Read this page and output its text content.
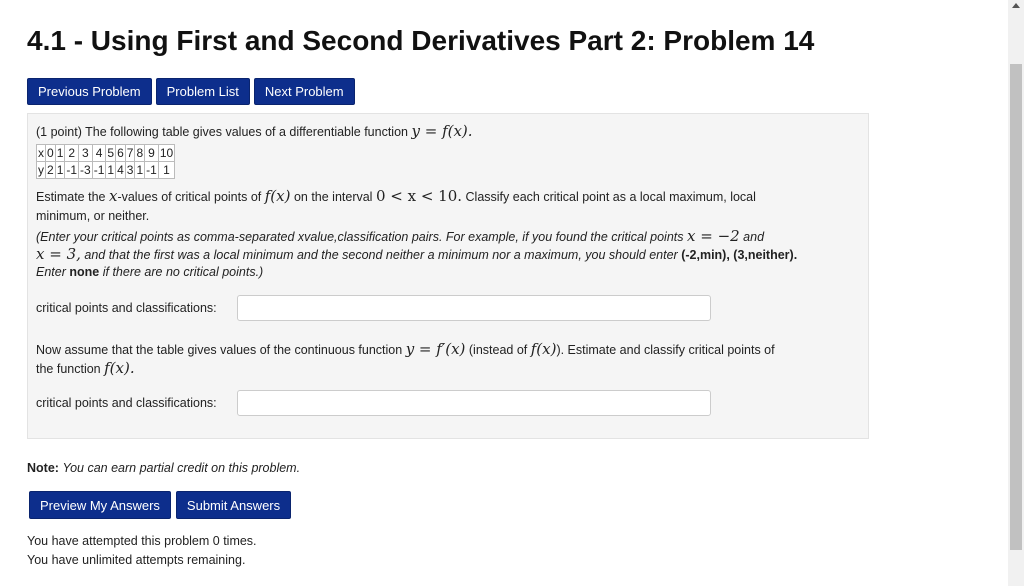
4.1 - Using First and Second Derivatives Part 2: Problem 14
Previous Problem	Problem List	Next Problem
(1 point) The following table gives values of a differentiable function y = f(x).
x	0	1	2	3	4	5	6	7	8	9	10
y	2	1	-1	-3	-1	1	4	3	1	-1	1
Estimate the x-values of critical points of f(x) on the interval 0 < x < 10. Classify each critical point as a local maximum, local
minimum, or neither.
(Enter your critical points as comma-separated xvalue,classification pairs. For example, if you found the critical points x = −2 and
x = 3, and that the first was a local minimum and the second neither a minimum nor a maximum, you should enter (-2,min), (3,neither).
Enter none if there are no critical points.)
critical points and classifications:
Now assume that the table gives values of the continuous function y = f′(x) (instead of f(x)). Estimate and classify critical points of
the function f(x).
critical points and classifications:
Note: You can earn partial credit on this problem.
Preview My Answers	Submit Answers
You have attempted this problem 0 times.
You have unlimited attempts remaining.
